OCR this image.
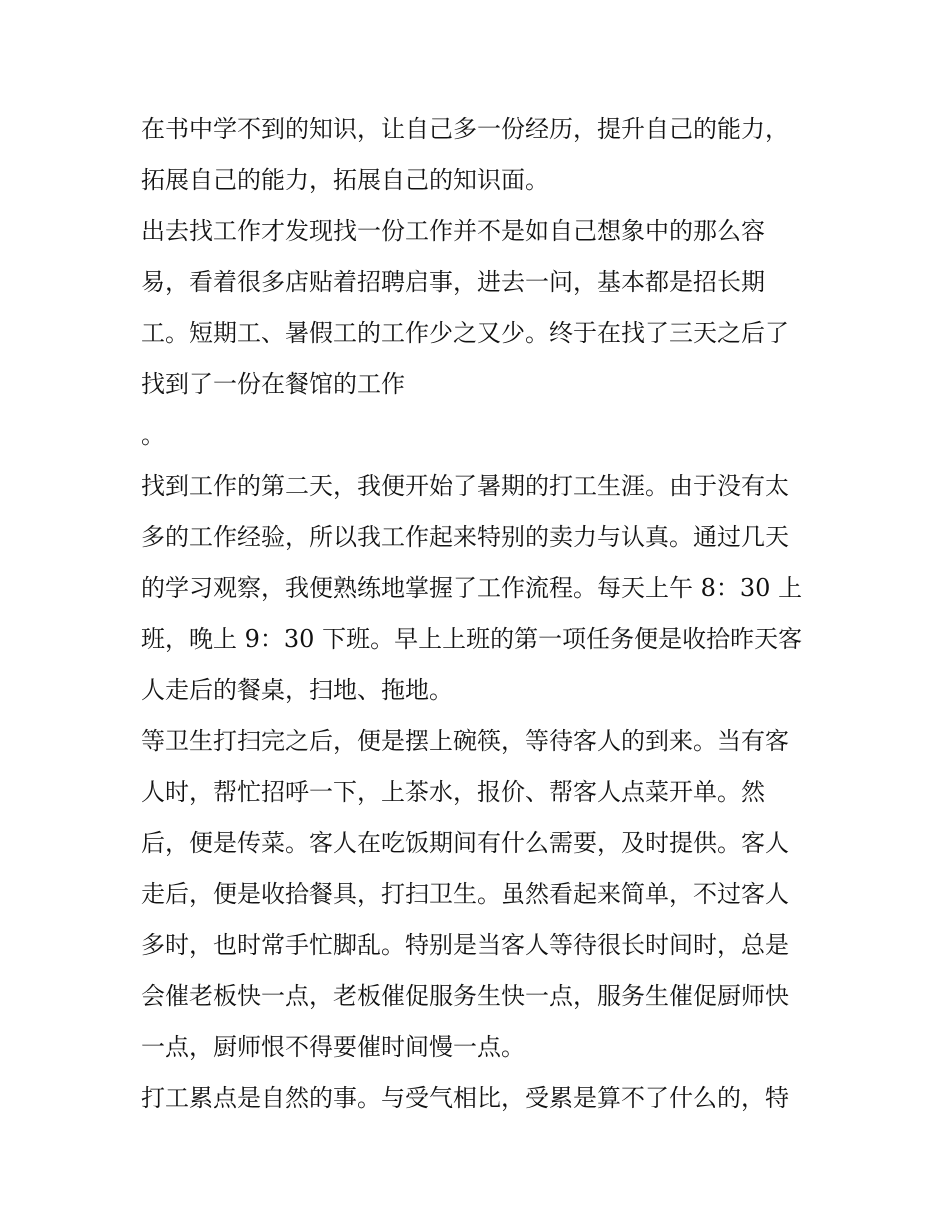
在书中学不到的知识，让自己多一份经历，提升自己的能力，
拓展自己的能力，拓展自己的知识面。
出去找工作才发现找一份工作并不是如自己想象中的那么容
易，看着很多店贴着招聘启事，进去一问，基本都是招长期
工。短期工、暑假工的工作少之又少。终于在找了三天之后了
找到了一份在餐馆的工作
。
找到工作的第二天，我便开始了暑期的打工生涯。由于没有太
多的工作经验，所以我工作起来特别的卖力与认真。通过几天
的学习观察，我便熟练地掌握了工作流程。每天上午 8：30 上
班，晚上 9：30 下班。早上上班的第一项任务便是收拾昨天客
人走后的餐桌，扫地、拖地。
等卫生打扫完之后，便是摆上碗筷，等待客人的到来。当有客
人时，帮忙招呼一下，上茶水，报价、帮客人点菜开单。然
后，便是传菜。客人在吃饭期间有什么需要，及时提供。客人
走后，便是收拾餐具，打扫卫生。虽然看起来简单，不过客人
多时，也时常手忙脚乱。特别是当客人等待很长时间时，总是
会催老板快一点，老板催促服务生快一点，服务生催促厨师快
一点，厨师恨不得要催时间慢一点。
打工累点是自然的事。与受气相比，受累是算不了什么的，特
